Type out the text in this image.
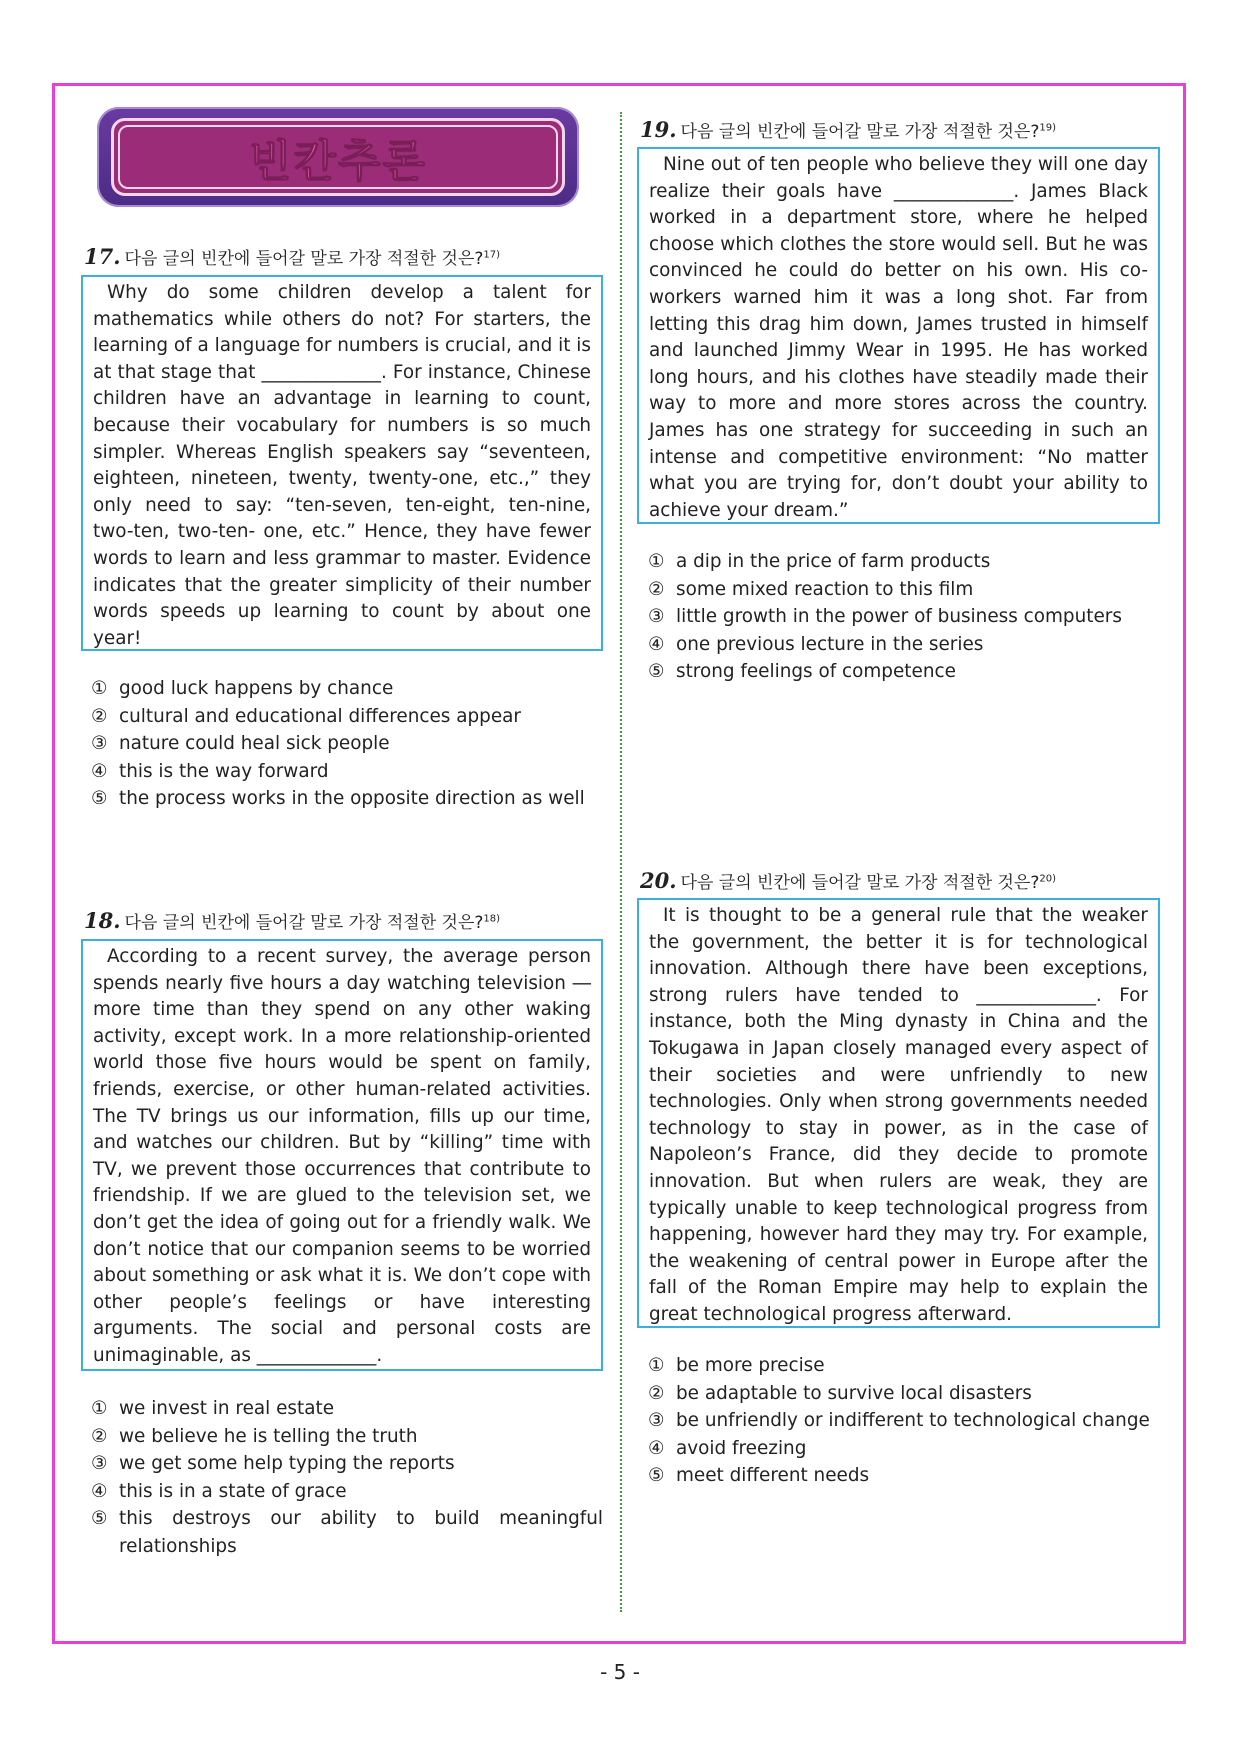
빈칸추론
17. 다음 글의 빈칸에 들어갈 말로 가장 적절한 것은?$^{17)}$
Why do some children develop a talent for mathematics while others do not? For starters, the learning of a language for numbers is crucial, and it is at that stage that _____________. For instance, Chinese children have an advantage in learning to count, because their vocabulary for numbers is so much simpler. Whereas English speakers say “seventeen, eighteen, nineteen, twenty, twenty-one, etc.,” they only need to say: “ten-seven, ten-eight, ten-nine, two-ten, two-ten- one, etc.” Hence, they have fewer words to learn and less grammar to master. Evidence indicates that the greater simplicity of their number words speeds up learning to count by about one year!
① good luck happens by chance
② cultural and educational differences appear
③ nature could heal sick people
④ this is the way forward
⑤ the process works in the opposite direction as well
18. 다음 글의 빈칸에 들어갈 말로 가장 적절한 것은?$^{18)}$
According to a recent survey, the average person spends nearly five hours a day watching television ― more time than they spend on any other waking activity, except work. In a more relationship-oriented world those five hours would be spent on family, friends, exercise, or other human-related activities. The TV brings us our information, fills up our time, and watches our children. But by “killing” time with TV, we prevent those occurrences that contribute to friendship. If we are glued to the television set, we don’t get the idea of going out for a friendly walk. We don’t notice that our companion seems to be worried about something or ask what it is. We don’t cope with other people’s feelings or have interesting arguments. The social and personal costs are unimaginable, as _____________.
① we invest in real estate
② we believe he is telling the truth
③ we get some help typing the reports
④ this is in a state of grace
⑤ this destroys our ability to build meaningful relationships
19. 다음 글의 빈칸에 들어갈 말로 가장 적절한 것은?$^{19)}$
Nine out of ten people who believe they will one day realize their goals have _____________. James Black worked in a department store, where he helped choose which clothes the store would sell. But he was convinced he could do better on his own. His co-workers warned him it was a long shot. Far from letting this drag him down, James trusted in himself and launched Jimmy Wear in 1995. He has worked long hours, and his clothes have steadily made their way to more and more stores across the country. James has one strategy for succeeding in such an intense and competitive environment: “No matter what you are trying for, don’t doubt your ability to achieve your dream.”
① a dip in the price of farm products
② some mixed reaction to this film
③ little growth in the power of business computers
④ one previous lecture in the series
⑤ strong feelings of competence
20. 다음 글의 빈칸에 들어갈 말로 가장 적절한 것은?$^{20)}$
It is thought to be a general rule that the weaker the government, the better it is for technological innovation. Although there have been exceptions, strong rulers have tended to _____________. For instance, both the Ming dynasty in China and the Tokugawa in Japan closely managed every aspect of their societies and were unfriendly to new technologies. Only when strong governments needed technology to stay in power, as in the case of Napoleon’s France, did they decide to promote innovation. But when rulers are weak, they are typically unable to keep technological progress from happening, however hard they may try. For example, the weakening of central power in Europe after the fall of the Roman Empire may help to explain the great technological progress afterward.
① be more precise
② be adaptable to survive local disasters
③ be unfriendly or indifferent to technological change
④ avoid freezing
⑤ meet different needs
- 5 -
